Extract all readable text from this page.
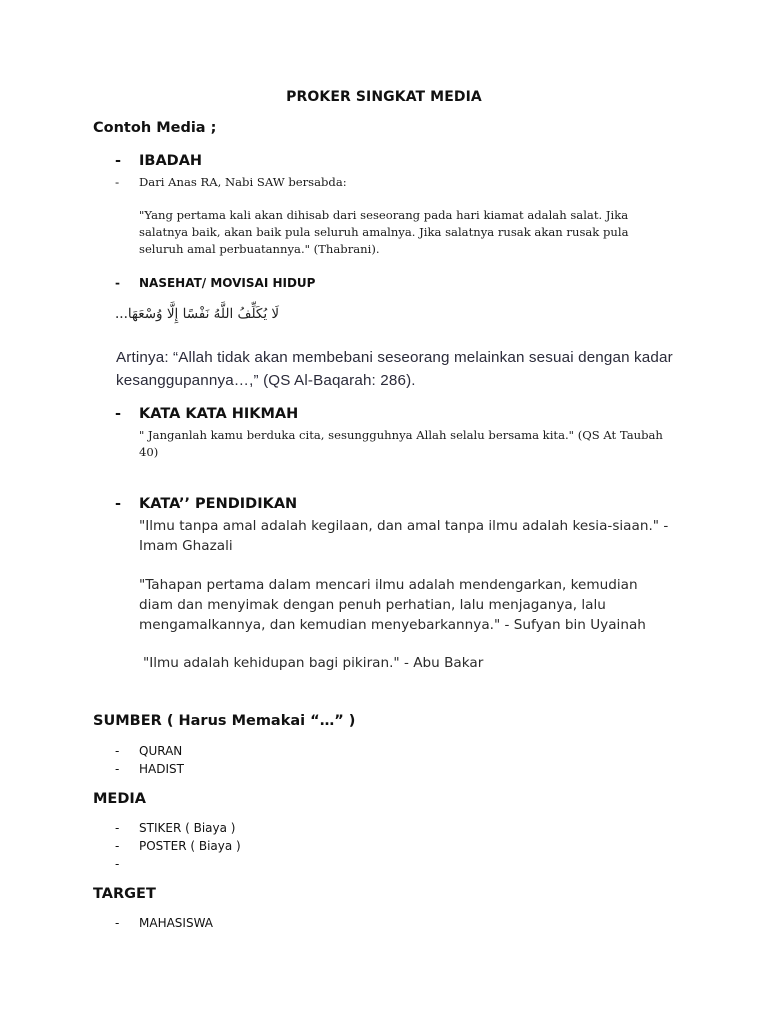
PROKER SINGKAT MEDIA
Contoh Media ;
-	IBADAH
-	Dari Anas RA, Nabi SAW bersabda:
"Yang pertama kali akan dihisab dari seseorang pada hari kiamat adalah salat. Jika salatnya baik, akan baik pula seluruh amalnya. Jika salatnya rusak akan rusak pula seluruh amal perbuatannya." (Thabrani).
-	NASEHAT/ MOVISAI HIDUP
لَا يُكَلِّفُ اللَّهُ نَفْسًا إِلَّا وُسْعَهَا...
Artinya: “Allah tidak akan membebani seseorang melainkan sesuai dengan kadar kesanggupannya…,” (QS Al-Baqarah: 286).
-	KATA KATA HIKMAH
" Janganlah kamu berduka cita, sesungguhnya Allah selalu bersama kita." (QS At Taubah 40)
-	KATA’’ PENDIDIKAN
"Ilmu tanpa amal adalah kegilaan, dan amal tanpa ilmu adalah kesia-siaan." - Imam Ghazali
"Tahapan pertama dalam mencari ilmu adalah mendengarkan, kemudian diam dan menyimak dengan penuh perhatian, lalu menjaganya, lalu mengamalkannya, dan kemudian menyebarkannya." - Sufyan bin Uyainah
"Ilmu adalah kehidupan bagi pikiran." - Abu Bakar
SUMBER ( Harus Memakai “…” )
-	QURAN
-	HADIST
MEDIA
-	STIKER ( Biaya )
-	POSTER ( Biaya )
-
TARGET
-	MAHASISWA
